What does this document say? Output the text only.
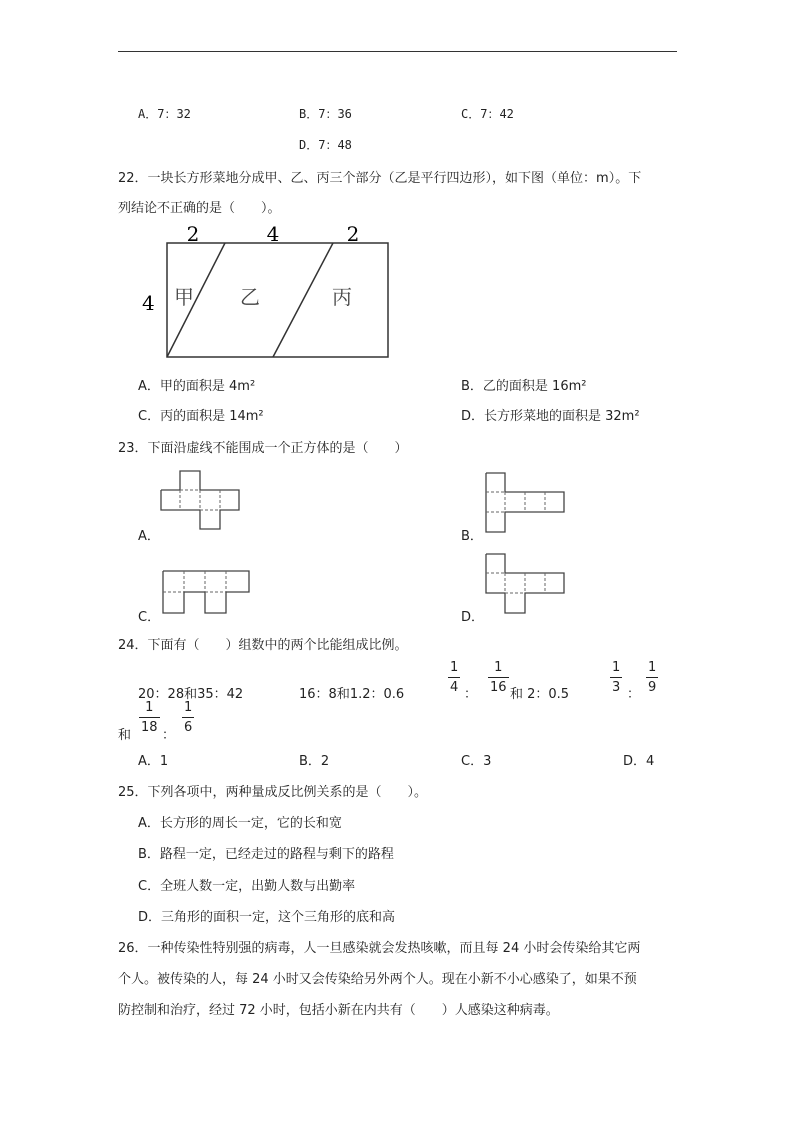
A．7：32	B．7：36	C．7：42
D．7：48
22．一块长方形菜地分成甲、乙、丙三个部分（乙是平行四边形），如下图（单位：m）。下
列结论不正确的是（　　）。
2	4	2
4 甲 乙	丙
A．甲的面积是 4m²	B．乙的面积是 16m²
C．丙的面积是 14m²	D．长方形菜地的面积是 32m²
23．下面沿虚线不能围成一个正方体的是（　　）
A．	B．
C．	D．
24．下面有（　　）组数中的两个比能组成比例。
20：28和35：42	16：8和1.2：0.6
1
4 ：
1
16 和 2：0.5
1
3 ：
1
9
和
1
18
：
1
6
A．1	B．2	C．3	D．4
25．下列各项中，两种量成反比例关系的是（　　）。
A．长方形的周长一定，它的长和宽
B．路程一定，已经走过的路程与剩下的路程
C．全班人数一定，出勤人数与出勤率
D．三角形的面积一定，这个三角形的底和高
26．一种传染性特别强的病毒，人一旦感染就会发热咳嗽，而且每 24 小时会传染给其它两
个人。被传染的人，每 24 小时又会传染给另外两个人。现在小新不小心感染了，如果不预
防控制和治疗，经过 72 小时，包括小新在内共有（　　）人感染这种病毒。
